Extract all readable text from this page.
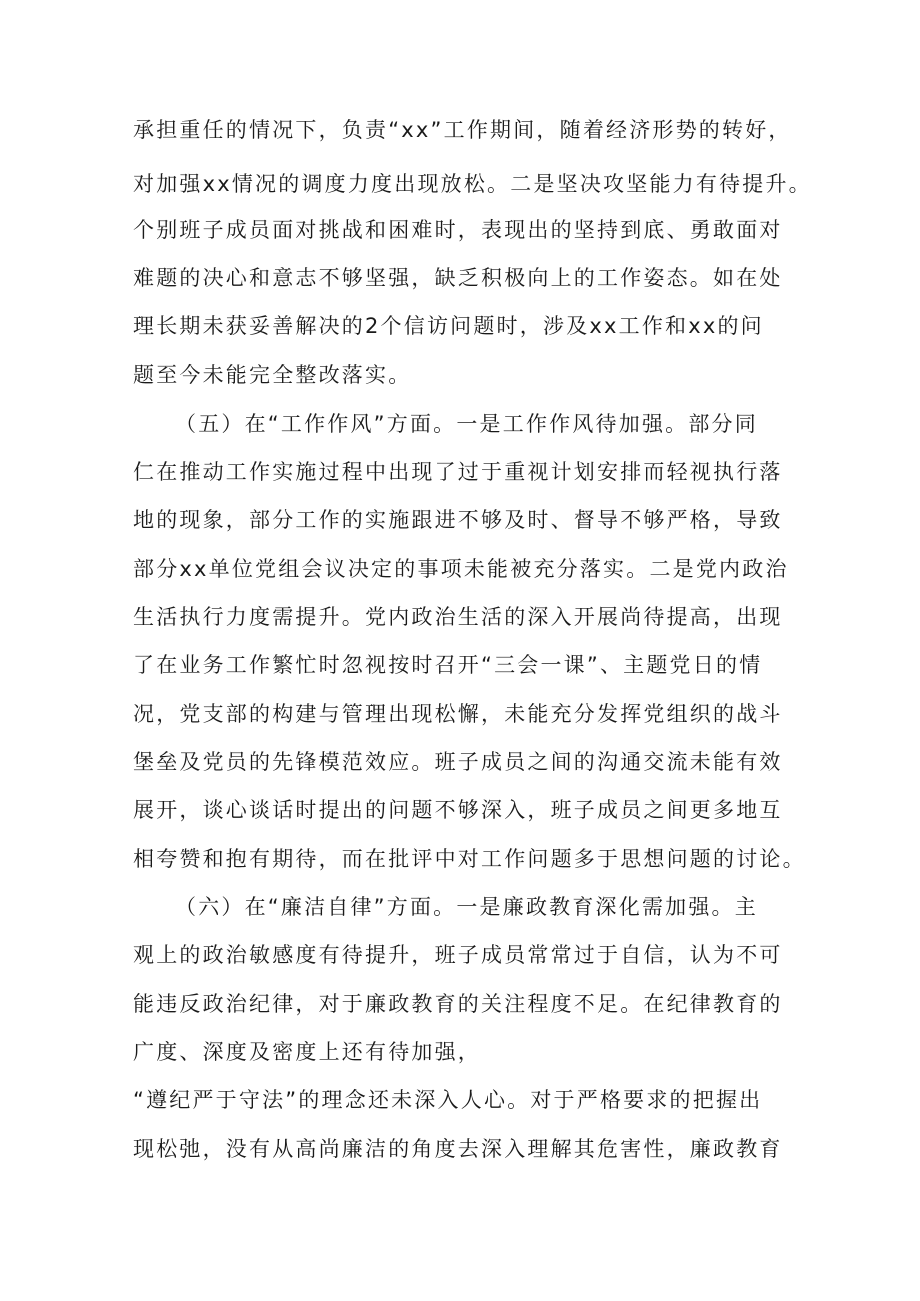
承担重任的情况下，负责“xx”工作期间，随着经济形势的转好，
对加强xx情况的调度力度出现放松。二是坚决攻坚能力有待提升。
个别班子成员面对挑战和困难时，表现出的坚持到底、勇敢面对
难题的决心和意志不够坚强，缺乏积极向上的工作姿态。如在处
理长期未获妥善解决的2个信访问题时，涉及xx工作和xx的问
题至今未能完全整改落实。
（五）在“工作作风”方面。一是工作作风待加强。部分同
仁在推动工作实施过程中出现了过于重视计划安排而轻视执行落
地的现象，部分工作的实施跟进不够及时、督导不够严格，导致
部分xx单位党组会议决定的事项未能被充分落实。二是党内政治
生活执行力度需提升。党内政治生活的深入开展尚待提高，出现
了在业务工作繁忙时忽视按时召开“三会一课”、主题党日的情
况，党支部的构建与管理出现松懈，未能充分发挥党组织的战斗
堡垒及党员的先锋模范效应。班子成员之间的沟通交流未能有效
展开，谈心谈话时提出的问题不够深入，班子成员之间更多地互
相夸赞和抱有期待，而在批评中对工作问题多于思想问题的讨论。
（六）在“廉洁自律”方面。一是廉政教育深化需加强。主
观上的政治敏感度有待提升，班子成员常常过于自信，认为不可
能违反政治纪律，对于廉政教育的关注程度不足。在纪律教育的
广度、深度及密度上还有待加强，
“遵纪严于守法”的理念还未深入人心。对于严格要求的把握出
现松弛，没有从高尚廉洁的角度去深入理解其危害性，廉政教育
